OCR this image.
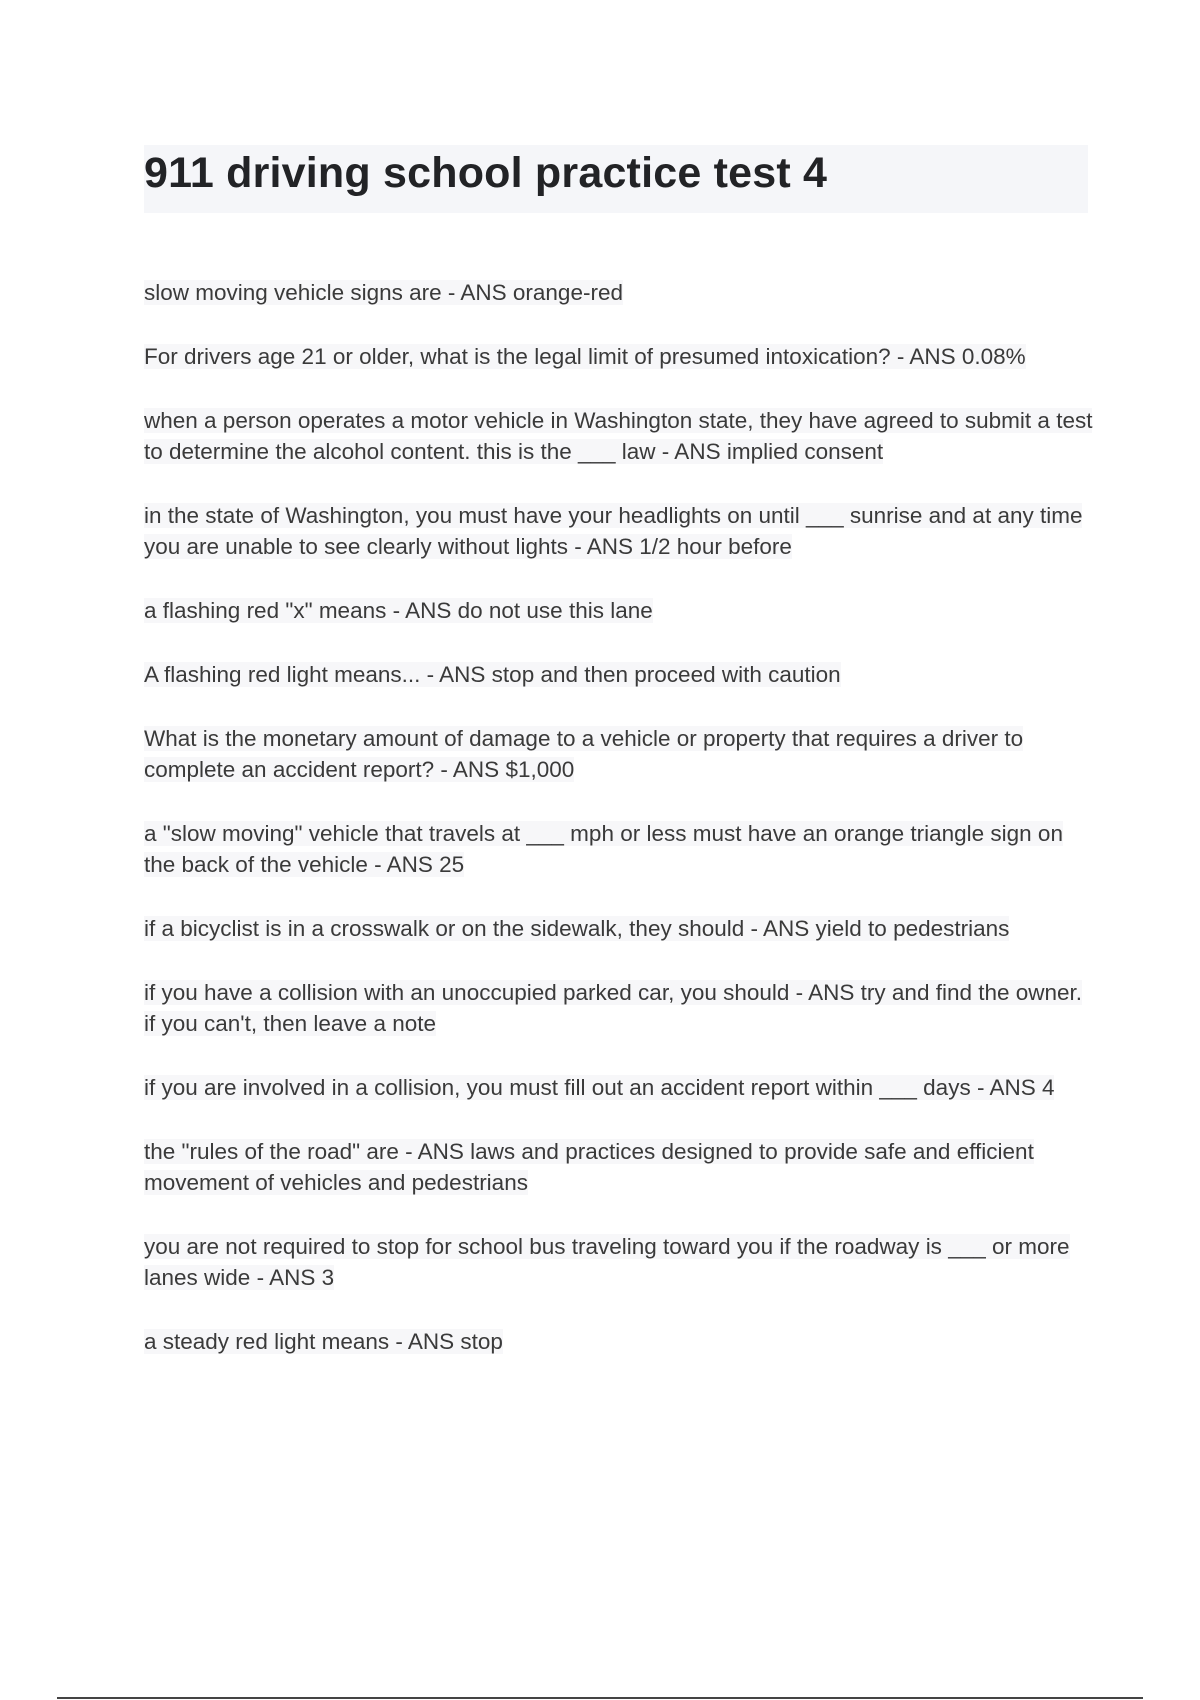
911 driving school practice test 4

slow moving vehicle signs are - ANS orange-red

For drivers age 21 or older, what is the legal limit of presumed intoxication? - ANS 0.08%

when a person operates a motor vehicle in Washington state, they have agreed to submit a test to determine the alcohol content. this is the ___ law - ANS implied consent

in the state of Washington, you must have your headlights on until ___ sunrise and at any time you are unable to see clearly without lights - ANS 1/2 hour before

a flashing red "x" means - ANS do not use this lane

A flashing red light means... - ANS stop and then proceed with caution

What is the monetary amount of damage to a vehicle or property that requires a driver to complete an accident report? - ANS $1,000

a "slow moving" vehicle that travels at ___ mph or less must have an orange triangle sign on the back of the vehicle - ANS 25

if a bicyclist is in a crosswalk or on the sidewalk, they should - ANS yield to pedestrians

if you have a collision with an unoccupied parked car, you should - ANS try and find the owner. if you can't, then leave a note

if you are involved in a collision, you must fill out an accident report within ___ days - ANS 4

the "rules of the road" are - ANS laws and practices designed to provide safe and efficient movement of vehicles and pedestrians

you are not required to stop for school bus traveling toward you if the roadway is ___ or more lanes wide - ANS 3

a steady red light means - ANS stop
